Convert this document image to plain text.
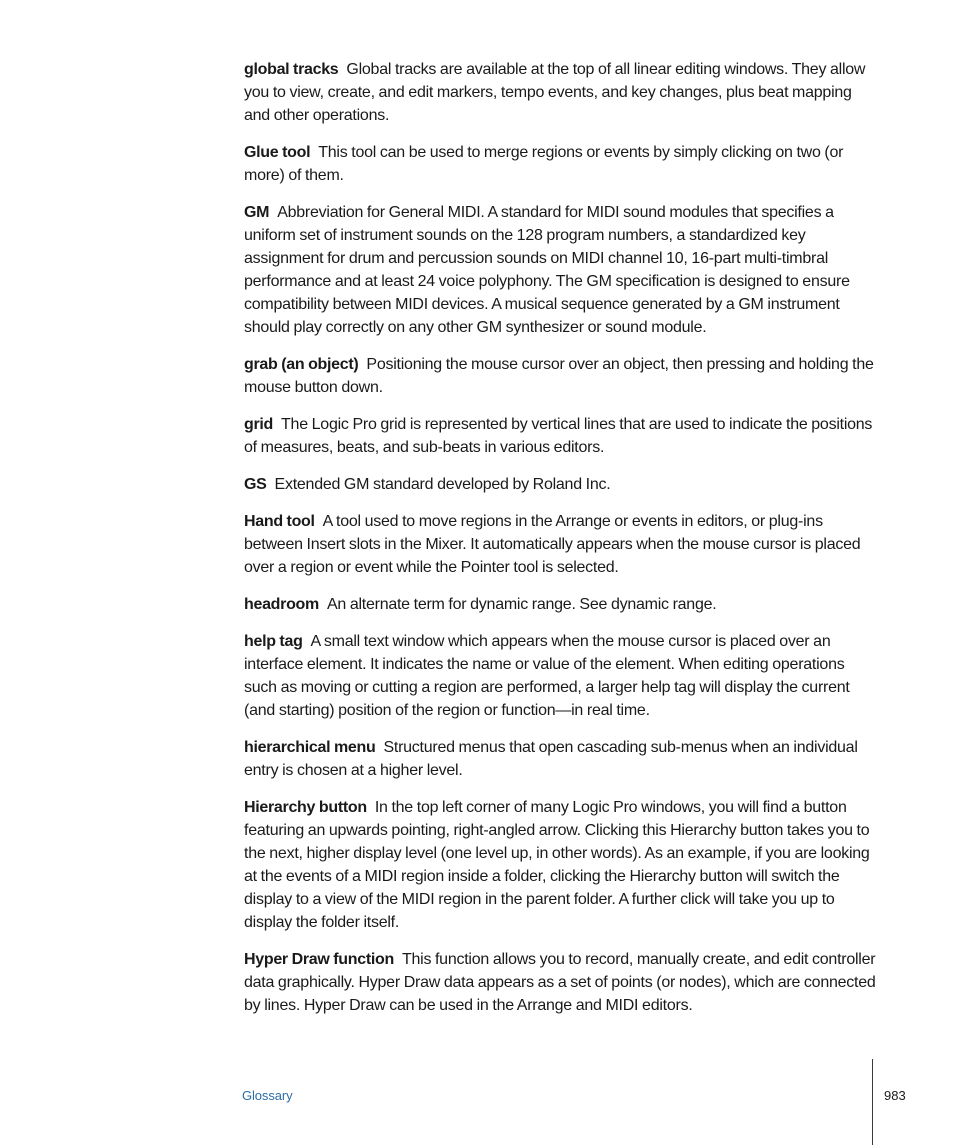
global tracks Global tracks are available at the top of all linear editing windows. They allow you to view, create, and edit markers, tempo events, and key changes, plus beat mapping and other operations.

Glue tool This tool can be used to merge regions or events by simply clicking on two (or more) of them.

GM Abbreviation for General MIDI. A standard for MIDI sound modules that specifies a uniform set of instrument sounds on the 128 program numbers, a standardized key assignment for drum and percussion sounds on MIDI channel 10, 16-part multi-timbral performance and at least 24 voice polyphony. The GM specification is designed to ensure compatibility between MIDI devices. A musical sequence generated by a GM instrument should play correctly on any other GM synthesizer or sound module.

grab (an object) Positioning the mouse cursor over an object, then pressing and holding the mouse button down.

grid The Logic Pro grid is represented by vertical lines that are used to indicate the positions of measures, beats, and sub-beats in various editors.

GS Extended GM standard developed by Roland Inc.

Hand tool A tool used to move regions in the Arrange or events in editors, or plug-ins between Insert slots in the Mixer. It automatically appears when the mouse cursor is placed over a region or event while the Pointer tool is selected.

headroom An alternate term for dynamic range. See dynamic range.

help tag A small text window which appears when the mouse cursor is placed over an interface element. It indicates the name or value of the element. When editing operations such as moving or cutting a region are performed, a larger help tag will display the current (and starting) position of the region or function—in real time.

hierarchical menu Structured menus that open cascading sub-menus when an individual entry is chosen at a higher level.

Hierarchy button In the top left corner of many Logic Pro windows, you will find a button featuring an upwards pointing, right-angled arrow. Clicking this Hierarchy button takes you to the next, higher display level (one level up, in other words). As an example, if you are looking at the events of a MIDI region inside a folder, clicking the Hierarchy button will switch the display to a view of the MIDI region in the parent folder. A further click will take you up to display the folder itself.

Hyper Draw function This function allows you to record, manually create, and edit controller data graphically. Hyper Draw data appears as a set of points (or nodes), which are connected by lines. Hyper Draw can be used in the Arrange and MIDI editors.

Glossary	983
